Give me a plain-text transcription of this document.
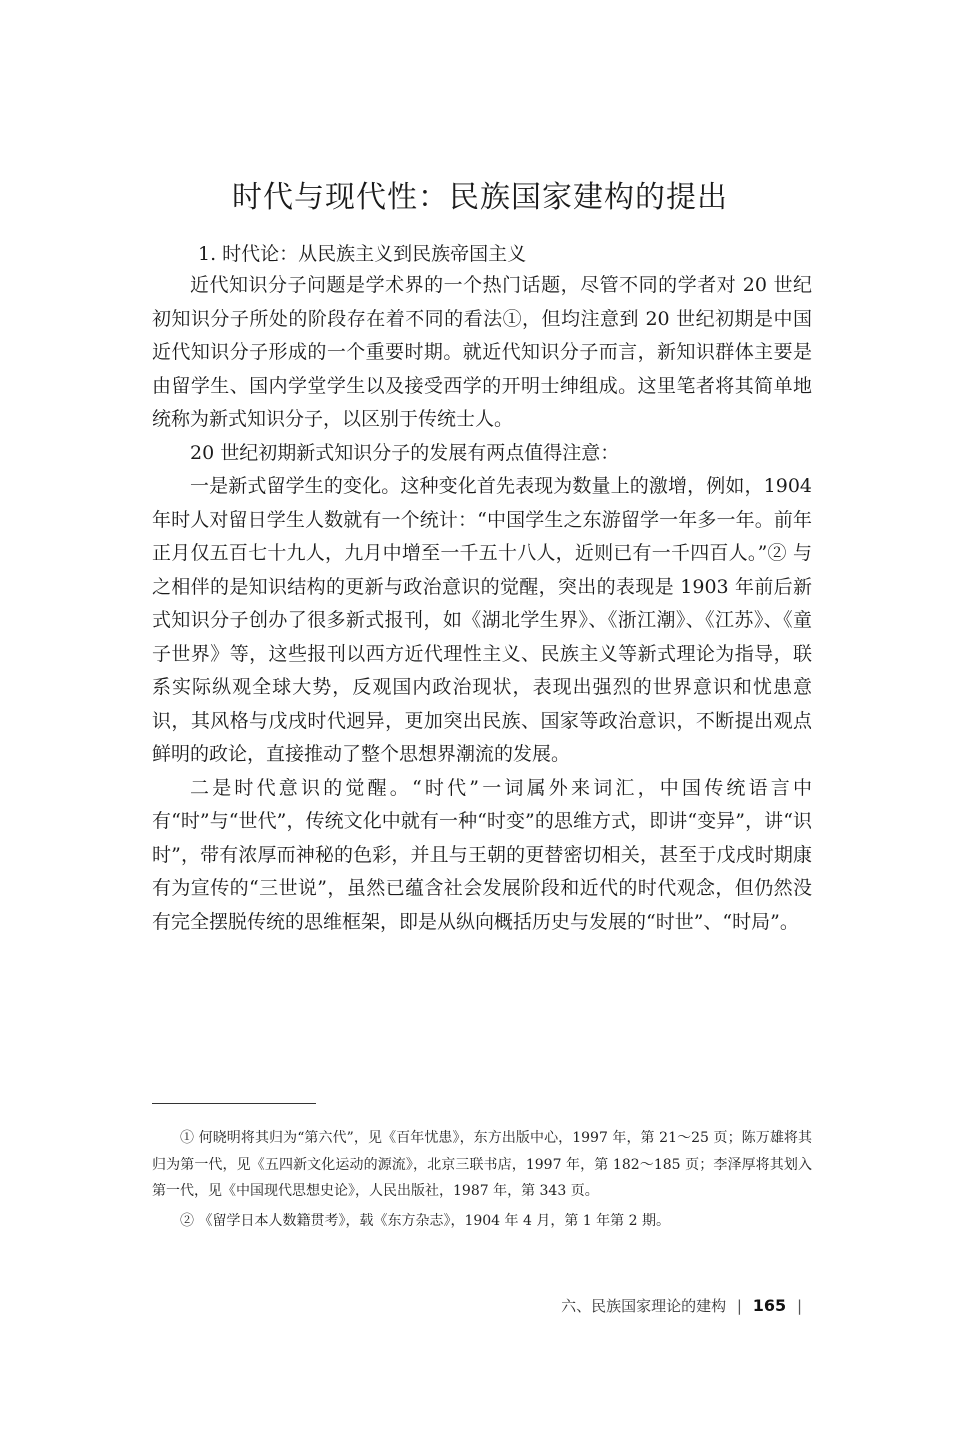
时代与现代性：民族国家建构的提出
1. 时代论：从民族主义到民族帝国主义

近代知识分子问题是学术界的一个热门话题，尽管不同的学者对 20 世纪初知识分子所处的阶段存在着不同的看法①，但均注意到 20 世纪初期是中国近代知识分子形成的一个重要时期。就近代知识分子而言，新知识群体主要是由留学生、国内学堂学生以及接受西学的开明士绅组成。这里笔者将其简单地统称为新式知识分子，以区别于传统士人。

20 世纪初期新式知识分子的发展有两点值得注意：

一是新式留学生的变化。这种变化首先表现为数量上的激增，例如，1904 年时人对留日学生人数就有一个统计：“中国学生之东游留学一年多一年。前年正月仅五百七十九人，九月中增至一千五十八人，近则已有一千四百人。”② 与之相伴的是知识结构的更新与政治意识的觉醒，突出的表现是 1903 年前后新式知识分子创办了很多新式报刊，如《湖北学生界》、《浙江潮》、《江苏》、《童子世界》等，这些报刊以西方近代理性主义、民族主义等新式理论为指导，联系实际纵观全球大势，反观国内政治现状，表现出强烈的世界意识和忧患意识，其风格与戊戌时代迥异，更加突出民族、国家等政治意识，不断提出观点鲜明的政论，直接推动了整个思想界潮流的发展。

二是时代意识的觉醒。“时代”一词属外来词汇，中国传统语言中有“时”与“世代”，传统文化中就有一种“时变”的思维方式，即讲“变异”，讲“识时”，带有浓厚而神秘的色彩，并且与王朝的更替密切相关，甚至于戊戌时期康有为宣传的“三世说”，虽然已蕴含社会发展阶段和近代的时代观念，但仍然没有完全摆脱传统的思维框架，即是从纵向概括历史与发展的“时世”、“时局”。

① 何晓明将其归为“第六代”，见《百年忧患》，东方出版中心，1997 年，第 21～25 页；陈万雄将其归为第一代，见《五四新文化运动的源流》，北京三联书店，1997 年，第 182～185 页；李泽厚将其划入第一代，见《中国现代思想史论》，人民出版社，1987 年，第 343 页。

② 《留学日本人数籍贯考》，载《东方杂志》，1904 年 4 月，第 1 年第 2 期。

六、民族国家理论的建构 | 165 |
